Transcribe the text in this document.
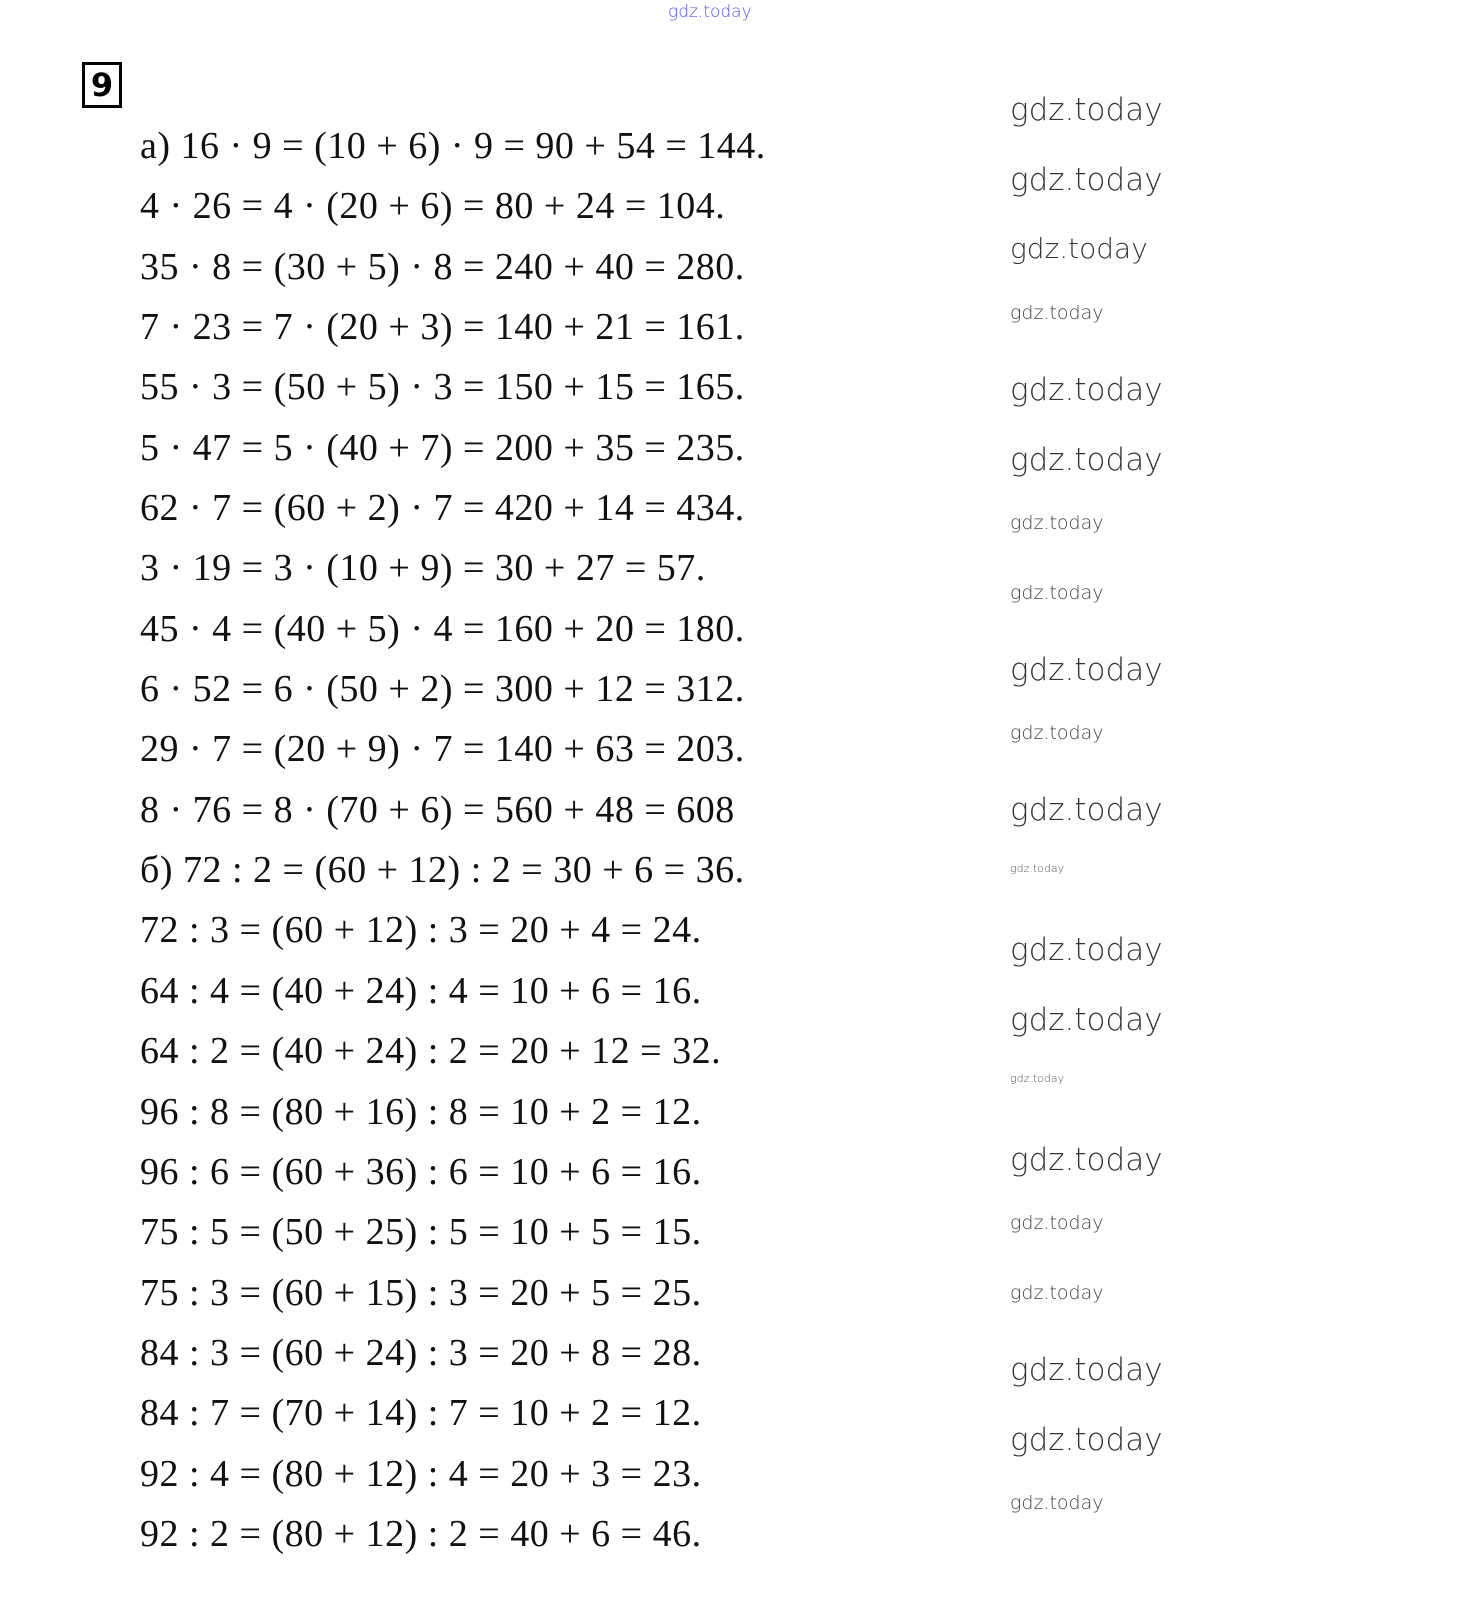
gdz.today
9
а) 16 · 9 = (10 + 6) · 9 = 90 + 54 = 144.
4 · 26 = 4 · (20 + 6) = 80 + 24 = 104.
35 · 8 = (30 + 5) · 8 = 240 + 40 = 280.
7 · 23 = 7 · (20 + 3) = 140 + 21 = 161.
55 · 3 = (50 + 5) · 3 = 150 + 15 = 165.
5 · 47 = 5 · (40 + 7) = 200 + 35 = 235.
62 · 7 = (60 + 2) · 7 = 420 + 14 = 434.
3 · 19 = 3 · (10 + 9) = 30 + 27 = 57.
45 · 4 = (40 + 5) · 4 = 160 + 20 = 180.
6 · 52 = 6 · (50 + 2) = 300 + 12 = 312.
29 · 7 = (20 + 9) · 7 = 140 + 63 = 203.
8 · 76 = 8 · (70 + 6) = 560 + 48 = 608
б) 72 : 2 = (60 + 12) : 2 = 30 + 6 = 36.
72 : 3 = (60 + 12) : 3 = 20 + 4 = 24.
64 : 4 = (40 + 24) : 4 = 10 + 6 = 16.
64 : 2 = (40 + 24) : 2 = 20 + 12 = 32.
96 : 8 = (80 + 16) : 8 = 10 + 2 = 12.
96 : 6 = (60 + 36) : 6 = 10 + 6 = 16.
75 : 5 = (50 + 25) : 5 = 10 + 5 = 15.
75 : 3 = (60 + 15) : 3 = 20 + 5 = 25.
84 : 3 = (60 + 24) : 3 = 20 + 8 = 28.
84 : 7 = (70 + 14) : 7 = 10 + 2 = 12.
92 : 4 = (80 + 12) : 4 = 20 + 3 = 23.
92 : 2 = (80 + 12) : 2 = 40 + 6 = 46.
gdz.today
gdz.today
gdz.today
gdz.today
gdz.today
gdz.today
gdz.today
gdz.today
gdz.today
gdz.today
gdz.today
gdz.today
gdz.today
gdz.today
gdz.today
gdz.today
gdz.today
gdz.today
gdz.today
gdz.today
gdz.today
